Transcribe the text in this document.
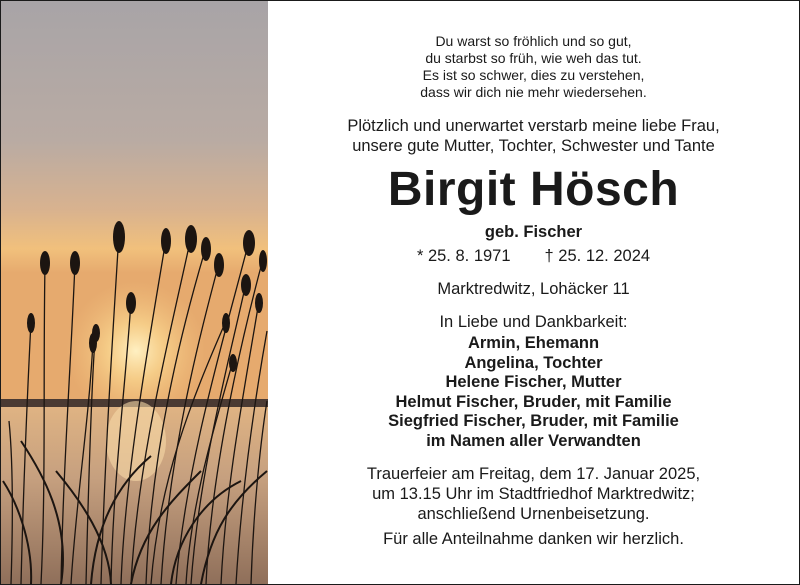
Du warst so fröhlich und so gut,
du starbst so früh, wie weh das tut.
Es ist so schwer, dies zu verstehen,
dass wir dich nie mehr wiedersehen.
Plötzlich und unerwartet verstarb meine liebe Frau,
unsere gute Mutter, Tochter, Schwester und Tante
Birgit Hösch
geb. Fischer
* 25. 8. 1971 † 25. 12. 2024
Marktredwitz, Lohäcker 11
In Liebe und Dankbarkeit:
Armin, Ehemann
Angelina, Tochter
Helene Fischer, Mutter
Helmut Fischer, Bruder, mit Familie
Siegfried Fischer, Bruder, mit Familie
im Namen aller Verwandten
Trauerfeier am Freitag, dem 17. Januar 2025,
um 13.15 Uhr im Stadtfriedhof Marktredwitz;
anschließend Urnenbeisetzung.
Für alle Anteilnahme danken wir herzlich.
